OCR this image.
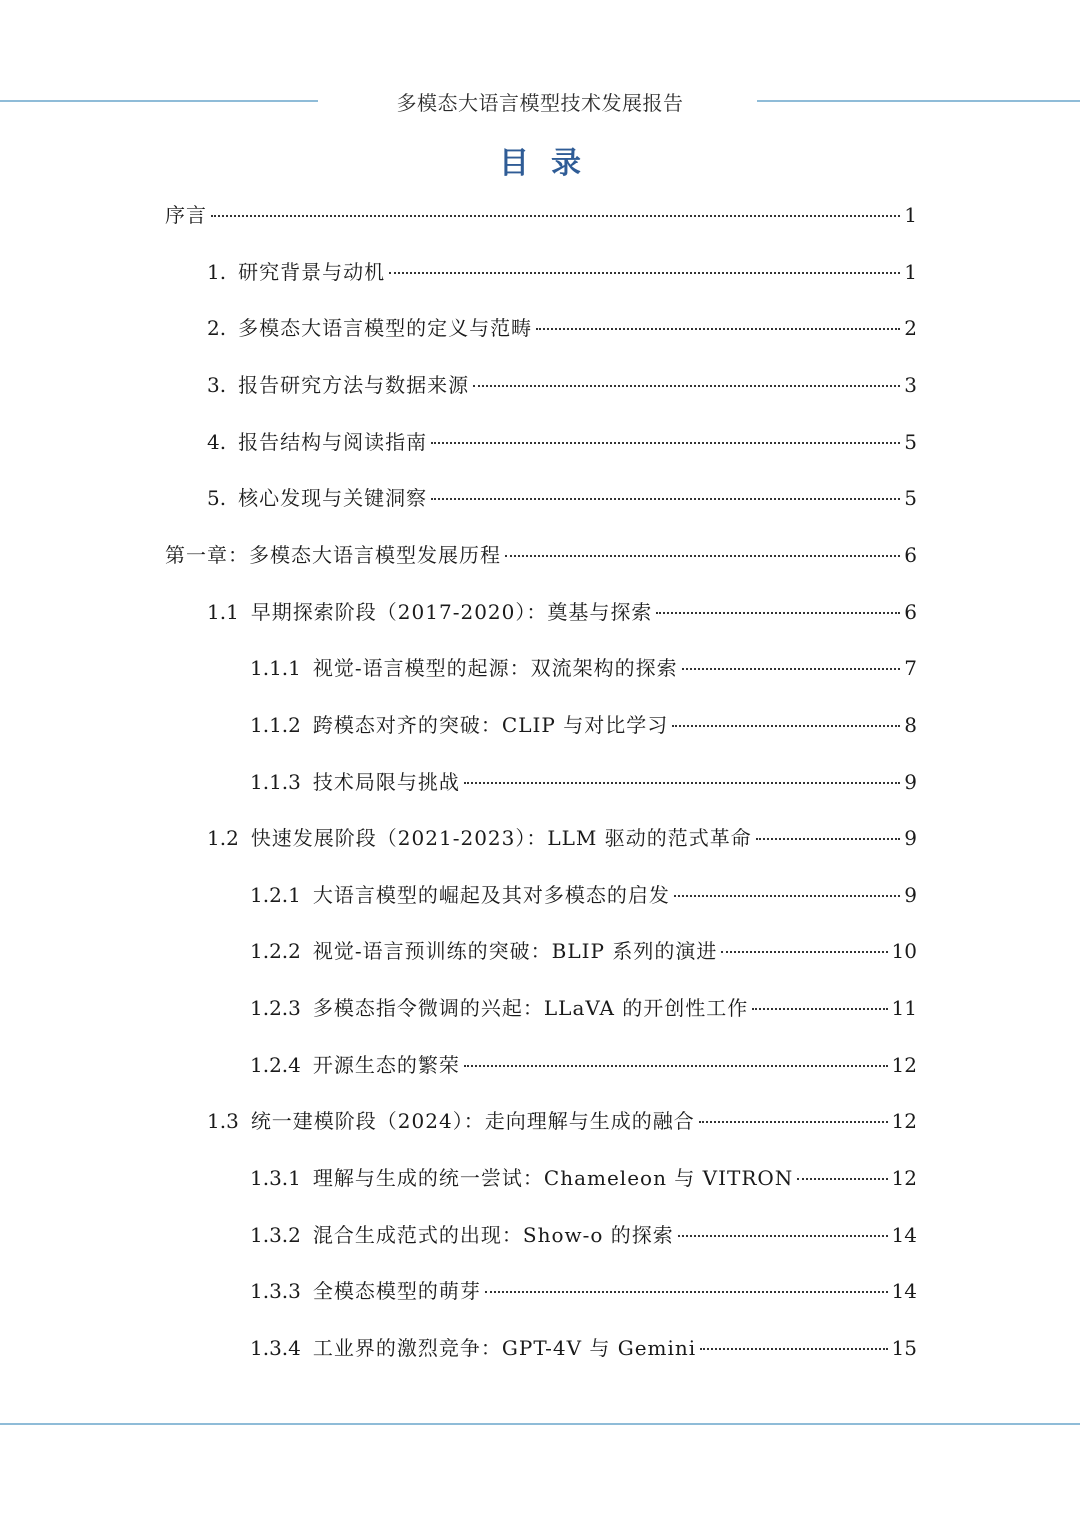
多模态大语言模型技术发展报告
目录
序言	1
1. 研究背景与动机	1
2. 多模态大语言模型的定义与范畴	2
3. 报告研究方法与数据来源	3
4. 报告结构与阅读指南	5
5. 核心发现与关键洞察	5
第一章：多模态大语言模型发展历程	6
1.1 早期探索阶段（2017-2020）：奠基与探索	6
1.1.1 视觉-语言模型的起源：双流架构的探索	7
1.1.2 跨模态对齐的突破：CLIP 与对比学习	8
1.1.3 技术局限与挑战	9
1.2 快速发展阶段（2021-2023）：LLM 驱动的范式革命	9
1.2.1 大语言模型的崛起及其对多模态的启发	9
1.2.2 视觉-语言预训练的突破：BLIP 系列的演进	10
1.2.3 多模态指令微调的兴起：LLaVA 的开创性工作	11
1.2.4 开源生态的繁荣	12
1.3 统一建模阶段（2024）：走向理解与生成的融合	12
1.3.1 理解与生成的统一尝试：Chameleon 与 VITRON	12
1.3.2 混合生成范式的出现：Show-o 的探索	14
1.3.3 全模态模型的萌芽	14
1.3.4 工业界的激烈竞争：GPT-4V 与 Gemini	15
